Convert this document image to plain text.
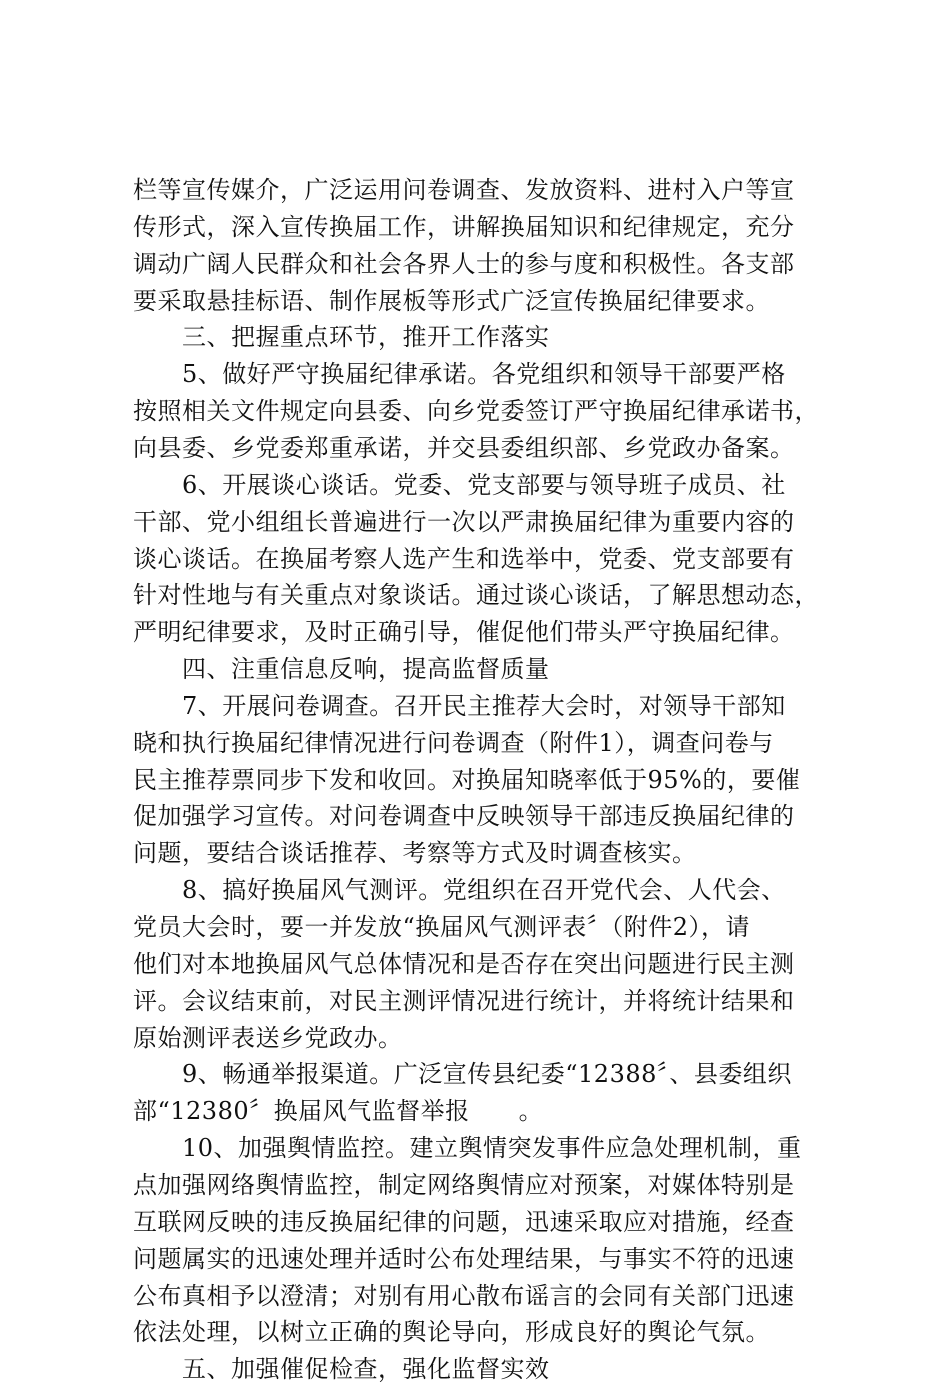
栏等宣传媒介，广泛运用问卷调查、发放资料、进村入户等宣
传形式，深入宣传换届工作，讲解换届知识和纪律规定，充分
调动广阔人民群众和社会各界人士的参与度和积极性。各支部
要采取悬挂标语、制作展板等形式广泛宣传换届纪律要求。
　　三、把握重点环节，推开工作落实
　　5、做好严守换届纪律承诺。各党组织和领导干部要严格
按照相关文件规定向县委、向乡党委签订严守换届纪律承诺书，
向县委、乡党委郑重承诺，并交县委组织部、乡党政办备案。
　　6、开展谈心谈话。党委、党支部要与领导班子成员、社
干部、党小组组长普遍进行一次以严肃换届纪律为重要内容的
谈心谈话。在换届考察人选产生和选举中，党委、党支部要有
针对性地与有关重点对象谈话。通过谈心谈话，了解思想动态，
严明纪律要求，及时正确引导，催促他们带头严守换届纪律。
　　四、注重信息反响，提高监督质量
　　7、开展问卷调查。召开民主推荐大会时，对领导干部知
晓和执行换届纪律情况进行问卷调查（附件1），调查问卷与
民主推荐票同步下发和收回。对换届知晓率低于95%的，要催
促加强学习宣传。对问卷调查中反映领导干部违反换届纪律的
问题，要结合谈话推荐、考察等方式及时调查核实。
　　8、搞好换届风气测评。党组织在召开党代会、人代会、
党员大会时，要一并发放“换届风气测评表〞（附件2），请
他们对本地换届风气总体情况和是否存在突出问题进行民主测
评。会议结束前，对民主测评情况进行统计，并将统计结果和
原始测评表送乡党政办。
　　9、畅通举报渠道。广泛宣传县纪委“12388〞、县委组织
部“12380〞换届风气监督举报　　。
　　10、加强舆情监控。建立舆情突发事件应急处理机制，重
点加强网络舆情监控，制定网络舆情应对预案，对媒体特别是
互联网反映的违反换届纪律的问题，迅速采取应对措施，经查
问题属实的迅速处理并适时公布处理结果，与事实不符的迅速
公布真相予以澄清；对别有用心散布谣言的会同有关部门迅速
依法处理，以树立正确的舆论导向，形成良好的舆论气氛。
　　五、加强催促检查，强化监督实效
